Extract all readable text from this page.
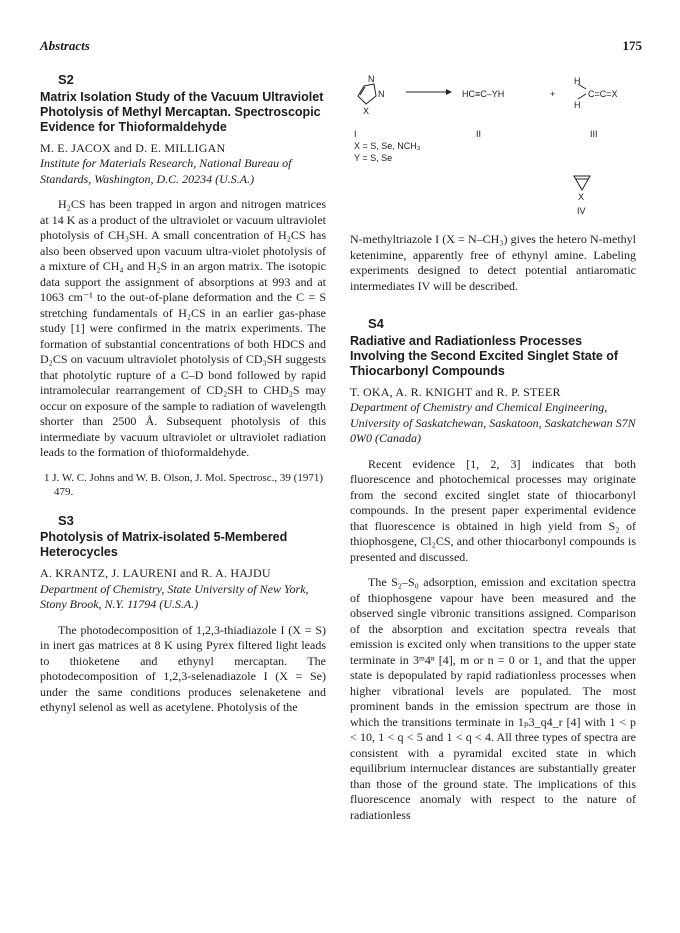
Abstracts	175
S2
Matrix Isolation Study of the Vacuum Ultraviolet Photolysis of Methyl Mercaptan. Spectroscopic Evidence for Thioformaldehyde
M. E. JACOX and D. E. MILLIGAN
Institute for Materials Research, National Bureau of Standards, Washington, D.C. 20234 (U.S.A.)
H₂CS has been trapped in argon and nitrogen matrices at 14 K as a product of the ultraviolet or vacuum ultraviolet photolysis of CH₃SH. A small concentration of H₂CS has also been observed upon vacuum ultra-violet photolysis of a mixture of CH₄ and H₂S in an argon matrix. The isotopic data support the assignment of absorptions at 993 and at 1063 cm⁻¹ to the out-of-plane deformation and the C = S stretching fundamentals of H₂CS in an earlier gas-phase study [1] were confirmed in the matrix experiments. The formation of substantial concentrations of both HDCS and D₂CS on vacuum ultraviolet photolysis of CD₃SH suggests that photolytic rupture of a C–D bond followed by rapid intramolecular rearrangement of CD₂SH to CHD₂S may occur on exposure of the sample to radiation of wavelength shorter than 2500 Å. Subsequent photolysis of this intermediate by vacuum ultraviolet or ultraviolet radiation leads to the formation of thioformaldehyde.
1 J. W. C. Johns and W. B. Olson, J. Mol. Spectrosc., 39 (1971) 479.
S3
Photolysis of Matrix-isolated 5-Membered Heterocycles
A. KRANTZ, J. LAURENI and R. A. HAJDU
Department of Chemistry, State University of New York, Stony Brook, N.Y. 11794 (U.S.A.)
The photodecomposition of 1,2,3-thiadiazole I (X = S) in inert gas matrices at 8 K using Pyrex filtered light leads to thioketene and ethynyl mercaptan. The photodecomposition of 1,2,3-selenadiazole I (X = Se) under the same conditions produces selenaketene and ethynyl selenol as well as acetylene. Photolysis of the
N
N
X
HC≡C–YH	+
H
H
C=C=X
I	II	III
X = S, Se, NCH₃
Y = S, Se
X
IV
N-methyltriazole I (X = N–CH₃) gives the hetero N-methyl ketenimine, apparently free of ethynyl amine. Labeling experiments designed to detect potential antiaromatic intermediates IV will be described.
S4
Radiative and Radiationless Processes Involving the Second Excited Singlet State of Thiocarbonyl Compounds
T. OKA, A. R. KNIGHT and R. P. STEER
Department of Chemistry and Chemical Engineering, University of Saskatchewan, Saskatoon, Saskatchewan S7N 0W0 (Canada)
Recent evidence [1, 2, 3] indicates that both fluorescence and photochemical processes may originate from the second excited singlet state of thiocarbonyl compounds. In the present paper experimental evidence that fluorescence is obtained in high yield from S₂ of thiophosgene, Cl₂CS, and other thiocarbonyl compounds is presented and discussed.
The S₂–S₀ adsorption, emission and excitation spectra of thiophosgene vapour have been measured and the observed single vibronic transitions assigned. Comparison of the absorption and excitation spectra reveals that emission is excited only when transitions to the upper state terminate in 3ᵐ4ⁿ [4], m or n = 0 or 1, and that the upper state is depopulated by rapid radiationless processes when higher vibrational levels are populated. The most prominent bands in the emission spectrum are those in which the transitions terminate in 1ₚ3_q4_r [4] with 1 < p < 10, 1 < q < 5 and 1 < q < 4. All three types of spectra are consistent with a pyramidal excited state in which equilibrium internuclear distances are substantially greater than those of the ground state. The implications of this fluorescence anomaly with respect to the nature of radiationless
